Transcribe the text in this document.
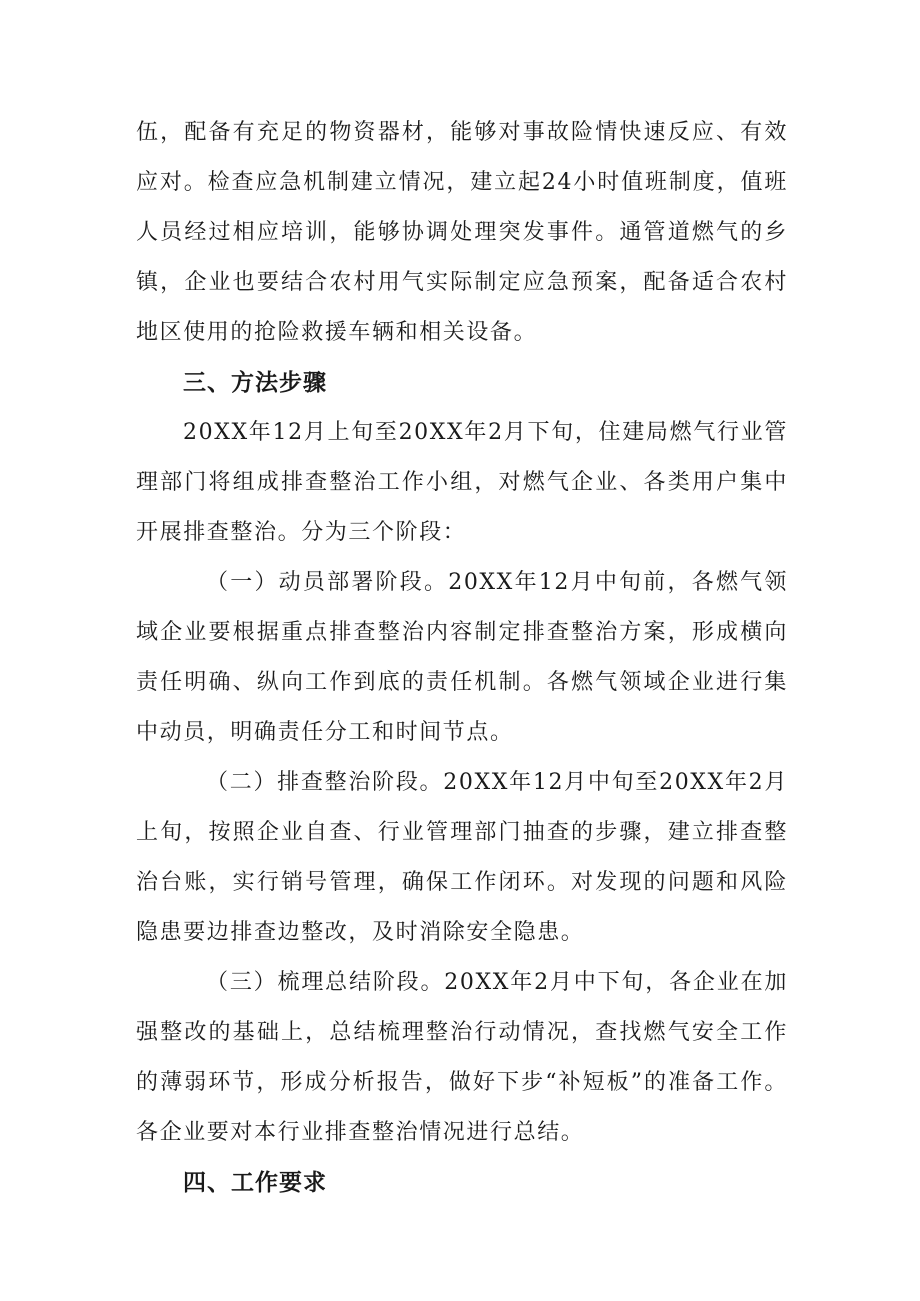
伍，配备有充足的物资器材，能够对事故险情快速反应、有效应对。检查应急机制建立情况，建立起24小时值班制度，值班人员经过相应培训，能够协调处理突发事件。通管道燃气的乡镇，企业也要结合农村用气实际制定应急预案，配备适合农村地区使用的抢险救援车辆和相关设备。

三、方法步骤

20XX年12月上旬至20XX年2月下旬，住建局燃气行业管理部门将组成排查整治工作小组，对燃气企业、各类用户集中开展排查整治。分为三个阶段：

（一）动员部署阶段。20XX年12月中旬前，各燃气领域企业要根据重点排查整治内容制定排查整治方案，形成横向责任明确、纵向工作到底的责任机制。各燃气领域企业进行集中动员，明确责任分工和时间节点。

（二）排查整治阶段。20XX年12月中旬至20XX年2月上旬，按照企业自查、行业管理部门抽查的步骤，建立排查整治台账，实行销号管理，确保工作闭环。对发现的问题和风险隐患要边排查边整改，及时消除安全隐患。

（三）梳理总结阶段。20XX年2月中下旬，各企业在加强整改的基础上，总结梳理整治行动情况，查找燃气安全工作的薄弱环节，形成分析报告，做好下步“补短板”的准备工作。各企业要对本行业排查整治情况进行总结。

四、工作要求
